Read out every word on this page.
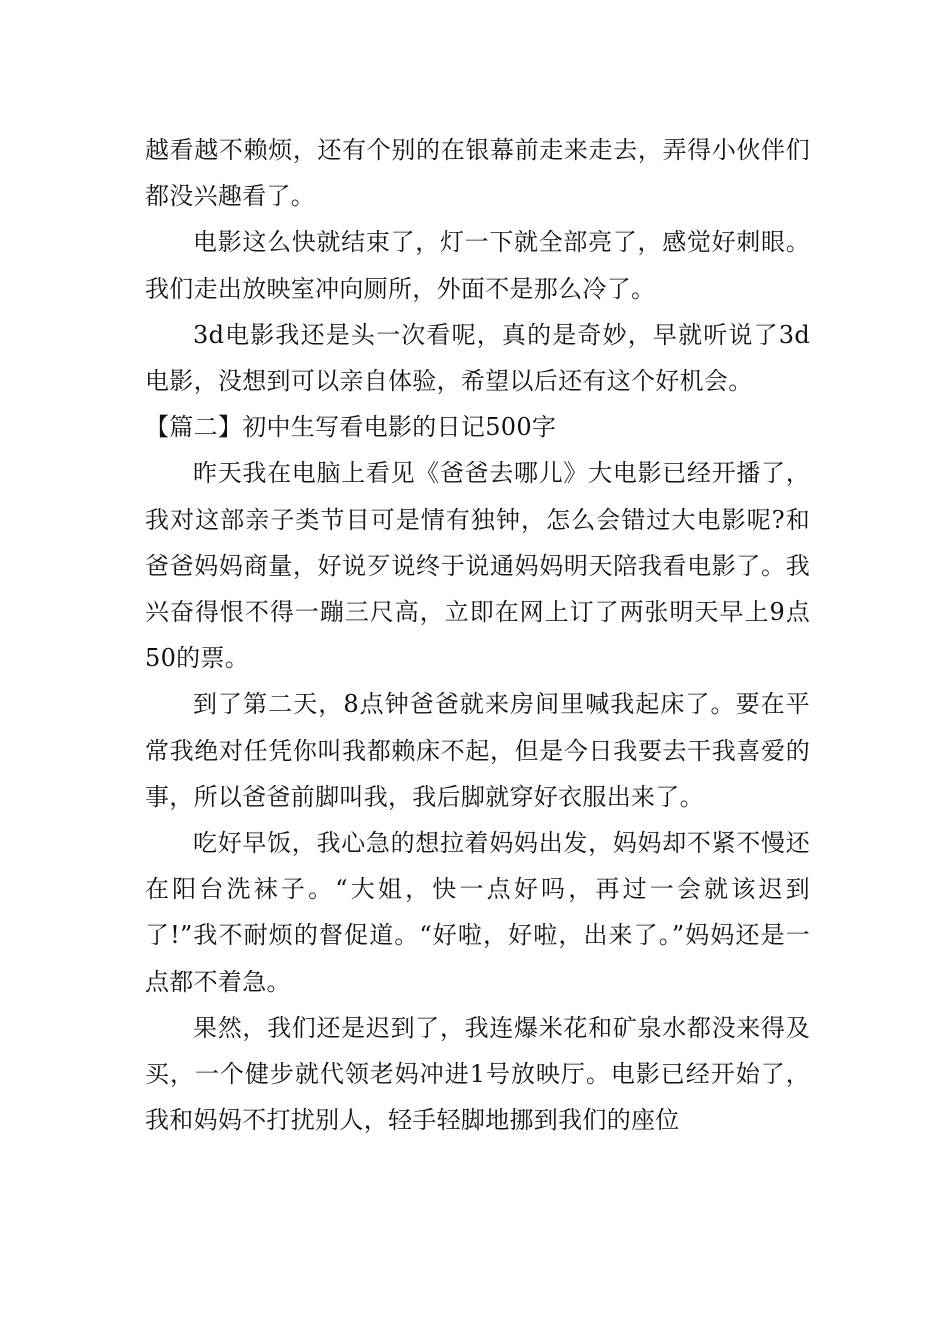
越看越不赖烦，还有个别的在银幕前走来走去，弄得小伙伴们都没兴趣看了。

电影这么快就结束了，灯一下就全部亮了，感觉好刺眼。我们走出放映室冲向厕所，外面不是那么冷了。

3d电影我还是头一次看呢，真的是奇妙，早就听说了3d电影，没想到可以亲自体验，希望以后还有这个好机会。

【篇二】初中生写看电影的日记500字

昨天我在电脑上看见《爸爸去哪儿》大电影已经开播了，我对这部亲子类节目可是情有独钟，怎么会错过大电影呢?和爸爸妈妈商量，好说歹说终于说通妈妈明天陪我看电影了。我兴奋得恨不得一蹦三尺高，立即在网上订了两张明天早上9点50的票。

到了第二天，8点钟爸爸就来房间里喊我起床了。要在平常我绝对任凭你叫我都赖床不起，但是今日我要去干我喜爱的事，所以爸爸前脚叫我，我后脚就穿好衣服出来了。

吃好早饭，我心急的想拉着妈妈出发，妈妈却不紧不慢还在阳台洗袜子。“大姐，快一点好吗，再过一会就该迟到了!”我不耐烦的督促道。“好啦，好啦，出来了。”妈妈还是一点都不着急。

果然，我们还是迟到了，我连爆米花和矿泉水都没来得及买，一个健步就代领老妈冲进1号放映厅。电影已经开始了，我和妈妈不打扰别人，轻手轻脚地挪到我们的座位
